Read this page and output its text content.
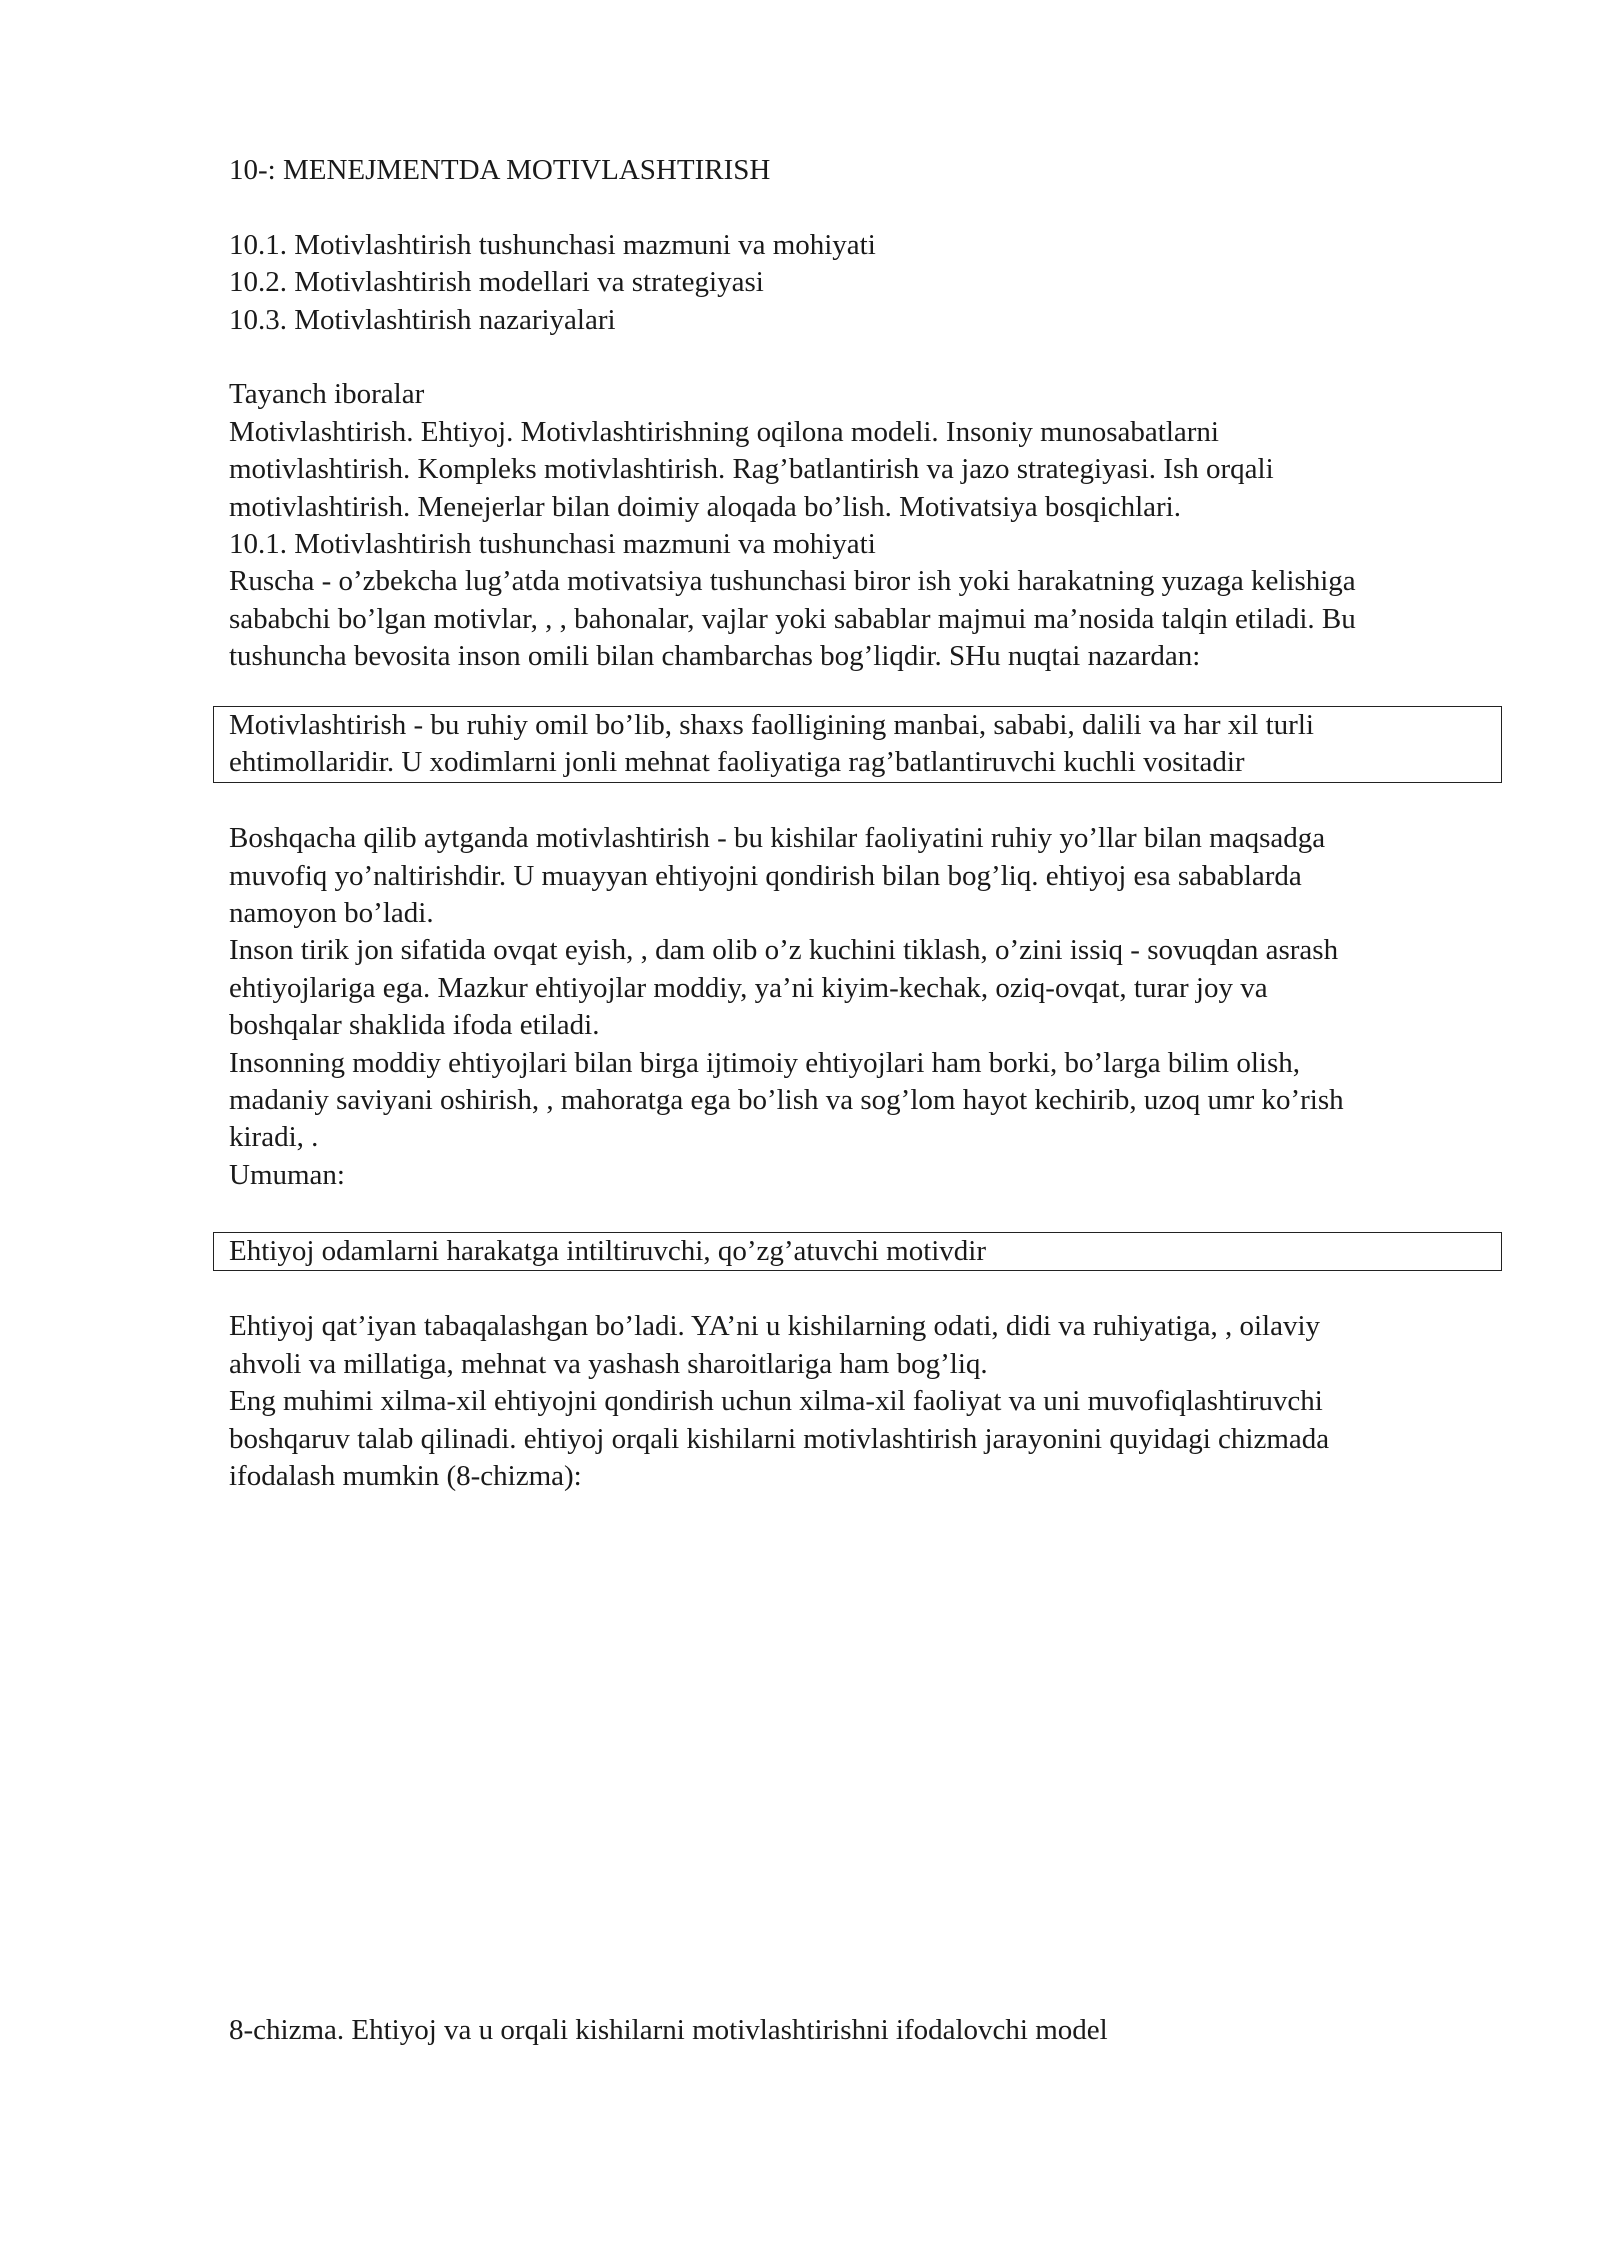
10-: MENEJMENTDA MOTIVLASHTIRISH
10.1. Motivlashtirish tushunchasi mazmuni va mohiyati
10.2. Motivlashtirish modellari va strategiyasi
10.3. Motivlashtirish nazariyalari
Tayanch iboralar
Motivlashtirish. Ehtiyoj. Motivlashtirishning oqilona modeli. Insoniy munosabatlarni
motivlashtirish. Kompleks motivlashtirish. Rag’batlantirish va jazo strategiyasi. Ish orqali
motivlashtirish. Menejerlar bilan doimiy aloqada bo’lish. Motivatsiya bosqichlari.
10.1. Motivlashtirish tushunchasi mazmuni va mohiyati
Ruscha - o’zbekcha lug’atda motivatsiya tushunchasi biror ish yoki harakatning yuzaga kelishiga
sababchi bo’lgan motivlar, , , bahonalar, vajlar yoki sabablar majmui ma’nosida talqin etiladi. Bu
tushuncha bevosita inson omili bilan chambarchas bog’liqdir. SHu nuqtai nazardan:
Motivlashtirish - bu ruhiy omil bo’lib, shaxs faolligining manbai, sababi, dalili va har xil turli
ehtimollaridir. U xodimlarni jonli mehnat faoliyatiga rag’batlantiruvchi kuchli vositadir
Boshqacha qilib aytganda motivlashtirish - bu kishilar faoliyatini ruhiy yo’llar bilan maqsadga
muvofiq yo’naltirishdir. U muayyan ehtiyojni qondirish bilan bog’liq. ehtiyoj esa sabablarda
namoyon bo’ladi.
Inson tirik jon sifatida ovqat eyish, , dam olib o’z kuchini tiklash, o’zini issiq - sovuqdan asrash
ehtiyojlariga ega. Mazkur ehtiyojlar moddiy, ya’ni kiyim-kechak, oziq-ovqat, turar joy va
boshqalar shaklida ifoda etiladi.
Insonning moddiy ehtiyojlari bilan birga ijtimoiy ehtiyojlari ham borki, bo’larga bilim olish,
madaniy saviyani oshirish, , mahoratga ega bo’lish va sog’lom hayot kechirib, uzoq umr ko’rish
kiradi, .
Umuman:
Ehtiyoj odamlarni harakatga intiltiruvchi, qo’zg’atuvchi motivdir
Ehtiyoj qat’iyan tabaqalashgan bo’ladi. YA’ni u kishilarning odati, didi va ruhiyatiga, , oilaviy
ahvoli va millatiga, mehnat va yashash sharoitlariga ham bog’liq.
Eng muhimi xilma-xil ehtiyojni qondirish uchun xilma-xil faoliyat va uni muvofiqlashtiruvchi
boshqaruv talab qilinadi. ehtiyoj orqali kishilarni motivlashtirish jarayonini quyidagi chizmada
ifodalash mumkin (8-chizma):
8-chizma. Ehtiyoj va u orqali kishilarni motivlashtirishni ifodalovchi model
